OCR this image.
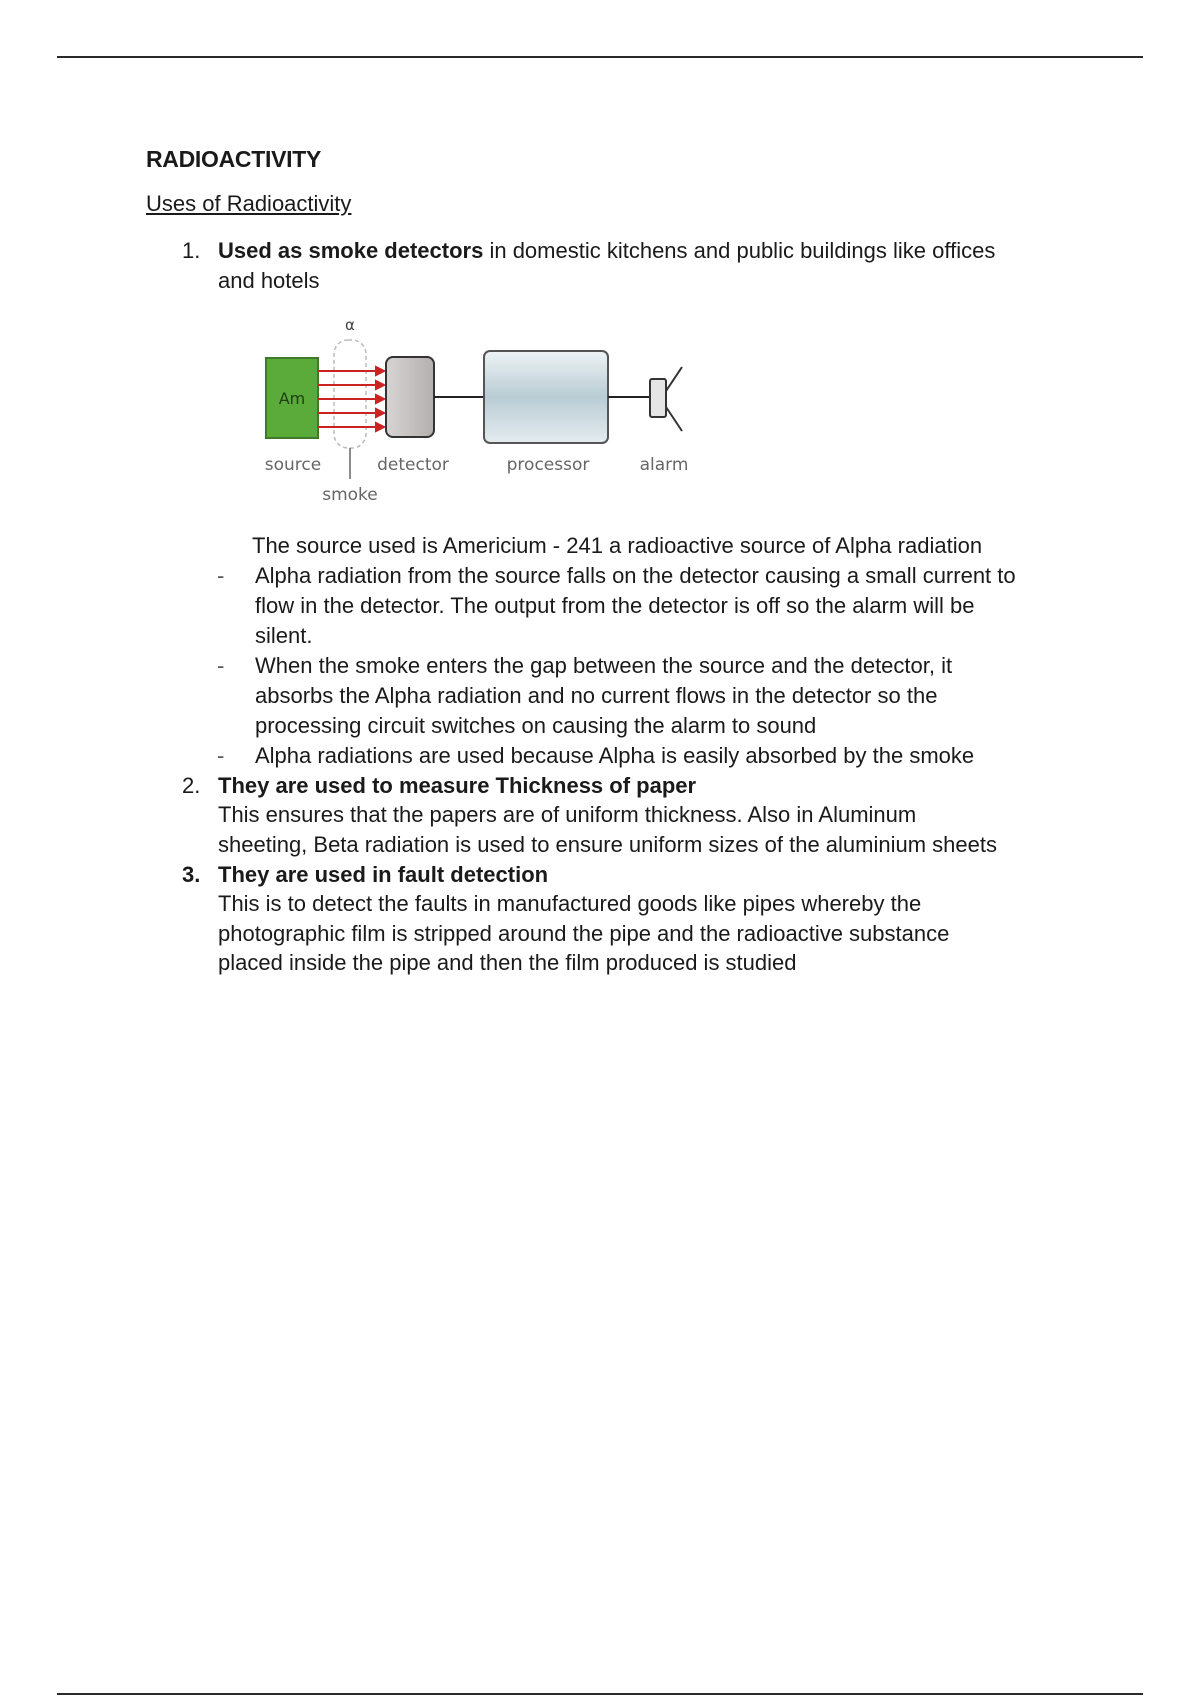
RADIOACTIVITY
Uses of Radioactivity
1. Used as smoke detectors in domestic kitchens and public buildings like offices
and hotels
α
Am
source	detector	processor	alarm
smoke
The source used is Americium - 241 a radioactive source of Alpha radiation
- Alpha radiation from the source falls on the detector causing a small current to
flow in the detector. The output from the detector is off so the alarm will be
silent.
- When the smoke enters the gap between the source and the detector, it
absorbs the Alpha radiation and no current flows in the detector so the
processing circuit switches on causing the alarm to sound
- Alpha radiations are used because Alpha is easily absorbed by the smoke
2. They are used to measure Thickness of paper
This ensures that the papers are of uniform thickness. Also in Aluminum
sheeting, Beta radiation is used to ensure uniform sizes of the aluminium sheets
3. They are used in fault detection
This is to detect the faults in manufactured goods like pipes whereby the
photographic film is stripped around the pipe and the radioactive substance
placed inside the pipe and then the film produced is studied
